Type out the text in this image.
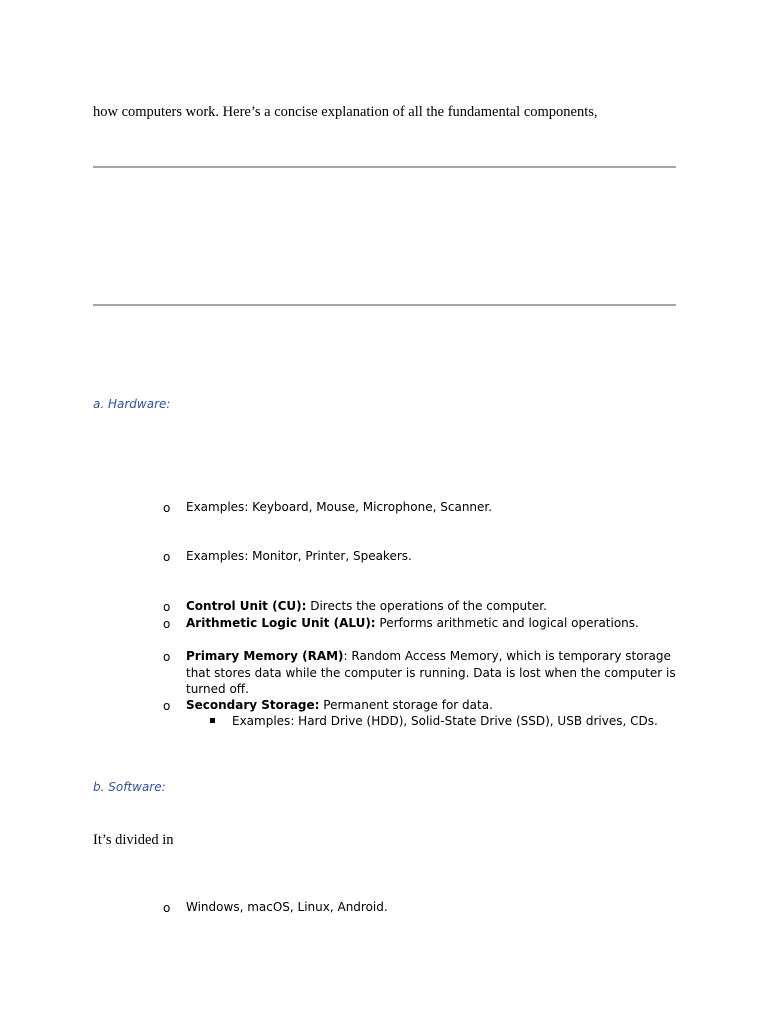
how computers work. Here’s a concise explanation of all the fundamental components,
a. Hardware:
o Examples: Keyboard, Mouse, Microphone, Scanner.
o Examples: Monitor, Printer, Speakers.
o Control Unit (CU): Directs the operations of the computer.
o Arithmetic Logic Unit (ALU): Performs arithmetic and logical operations.
o Primary Memory (RAM): Random Access Memory, which is temporary storage that stores data while the computer is running. Data is lost when the computer is turned off.
o Secondary Storage: Permanent storage for data.
Examples: Hard Drive (HDD), Solid-State Drive (SSD), USB drives, CDs.
b. Software:
It’s divided in
o Windows, macOS, Linux, Android.
